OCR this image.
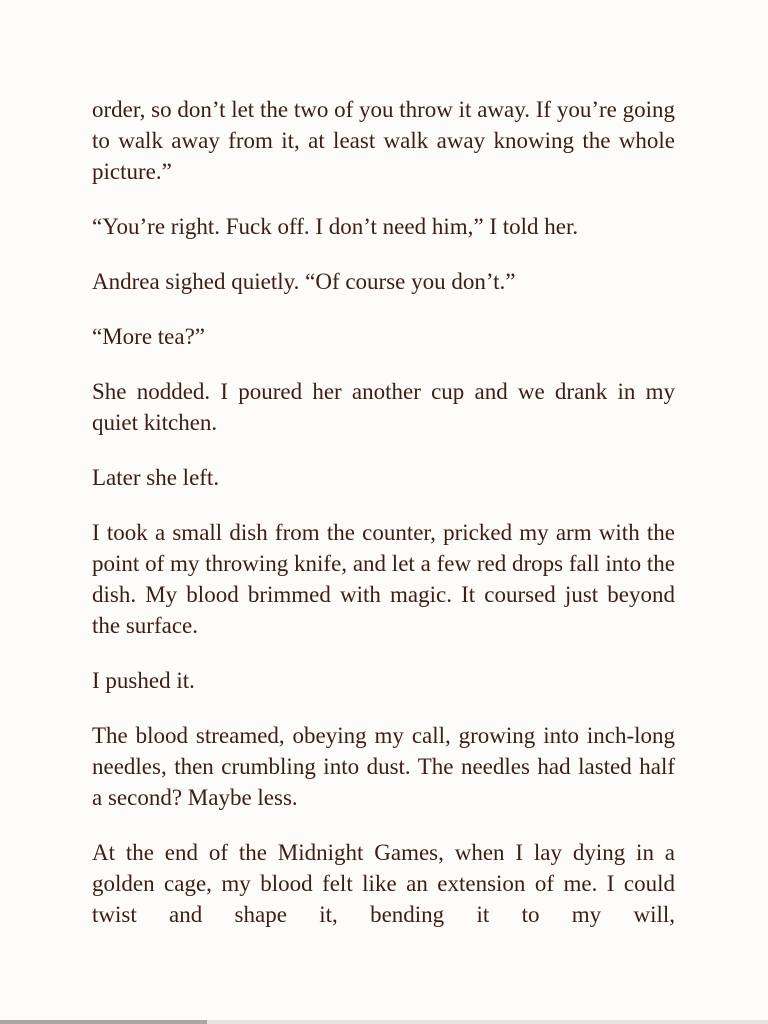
order, so don’t let the two of you throw it away. If you’re going to walk away from it, at least walk away knowing the whole picture.”

“You’re right. Fuck off. I don’t need him,” I told her.

Andrea sighed quietly. “Of course you don’t.”

“More tea?”

She nodded. I poured her another cup and we drank in my quiet kitchen.

Later she left.

I took a small dish from the counter, pricked my arm with the point of my throwing knife, and let a few red drops fall into the dish. My blood brimmed with magic. It coursed just beyond the surface.

I pushed it.

The blood streamed, obeying my call, growing into inch-long needles, then crumbling into dust. The needles had lasted half a second? Maybe less.

At the end of the Midnight Games, when I lay dying in a golden cage, my blood felt like an extension of me. I could twist and shape it, bending it to my will,
